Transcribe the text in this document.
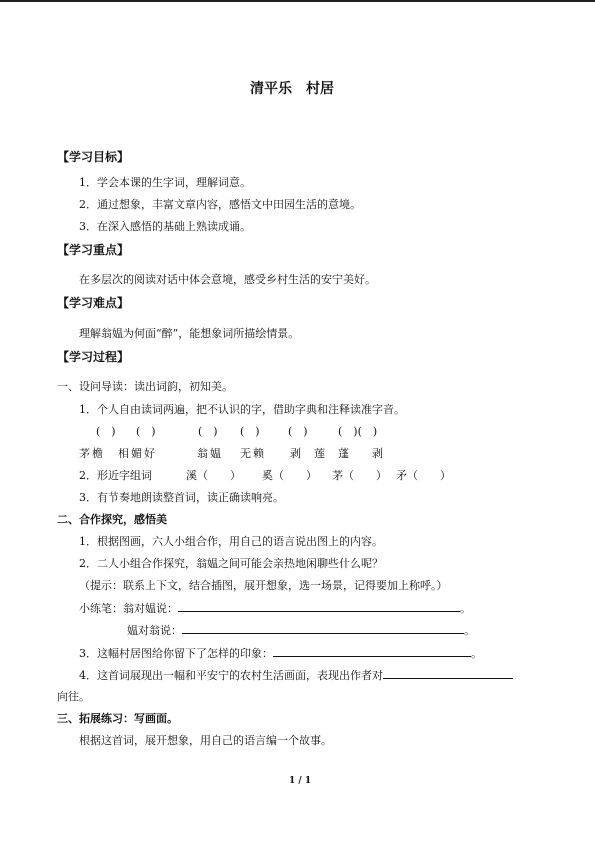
清平乐　村居
【学习目标】
1．学会本课的生字词，理解词意。
2．通过想象，丰富文章内容，感悟文中田园生活的意境。
3．在深入感悟的基础上熟读成诵。
【学习重点】
在多层次的阅读对话中体会意境，感受乡村生活的安宁美好。
【学习难点】
理解翁媪为何面“醉”，能想象词所描绘情景。
【学习过程】
一、设问导读：读出词韵，初知美。
1．个人自由读词两遍，把不认识的字，借助字典和注释读准字音。
(　) (　)	(　) (　)	(　)	(　)(　)
茅檐 相媚好	翁媪 无赖 剥 莲 蓬 剥
2．形近字组词	溪（　　） 奚（　　） 茅（　　） 矛（　　）
3．有节奏地朗读整首词，读正确读响亮。
二、合作探究，感悟美
1．根据图画，六人小组合作，用自己的语言说出图上的内容。
2．二人小组合作探究，翁媪之间可能会亲热地闲聊些什么呢？
（提示：联系上下文，结合插图，展开想象，选一场景，记得要加上称呼。）
小练笔：翁对媪说：	。
媪对翁说：	。
3．这幅村居图给你留下了怎样的印象：	。
4．这首词展现出一幅和平安宁的农村生活画面，表现出作者对
向往。
三、拓展练习：写画面。
根据这首词，展开想象，用自己的语言编一个故事。
1 / 1
